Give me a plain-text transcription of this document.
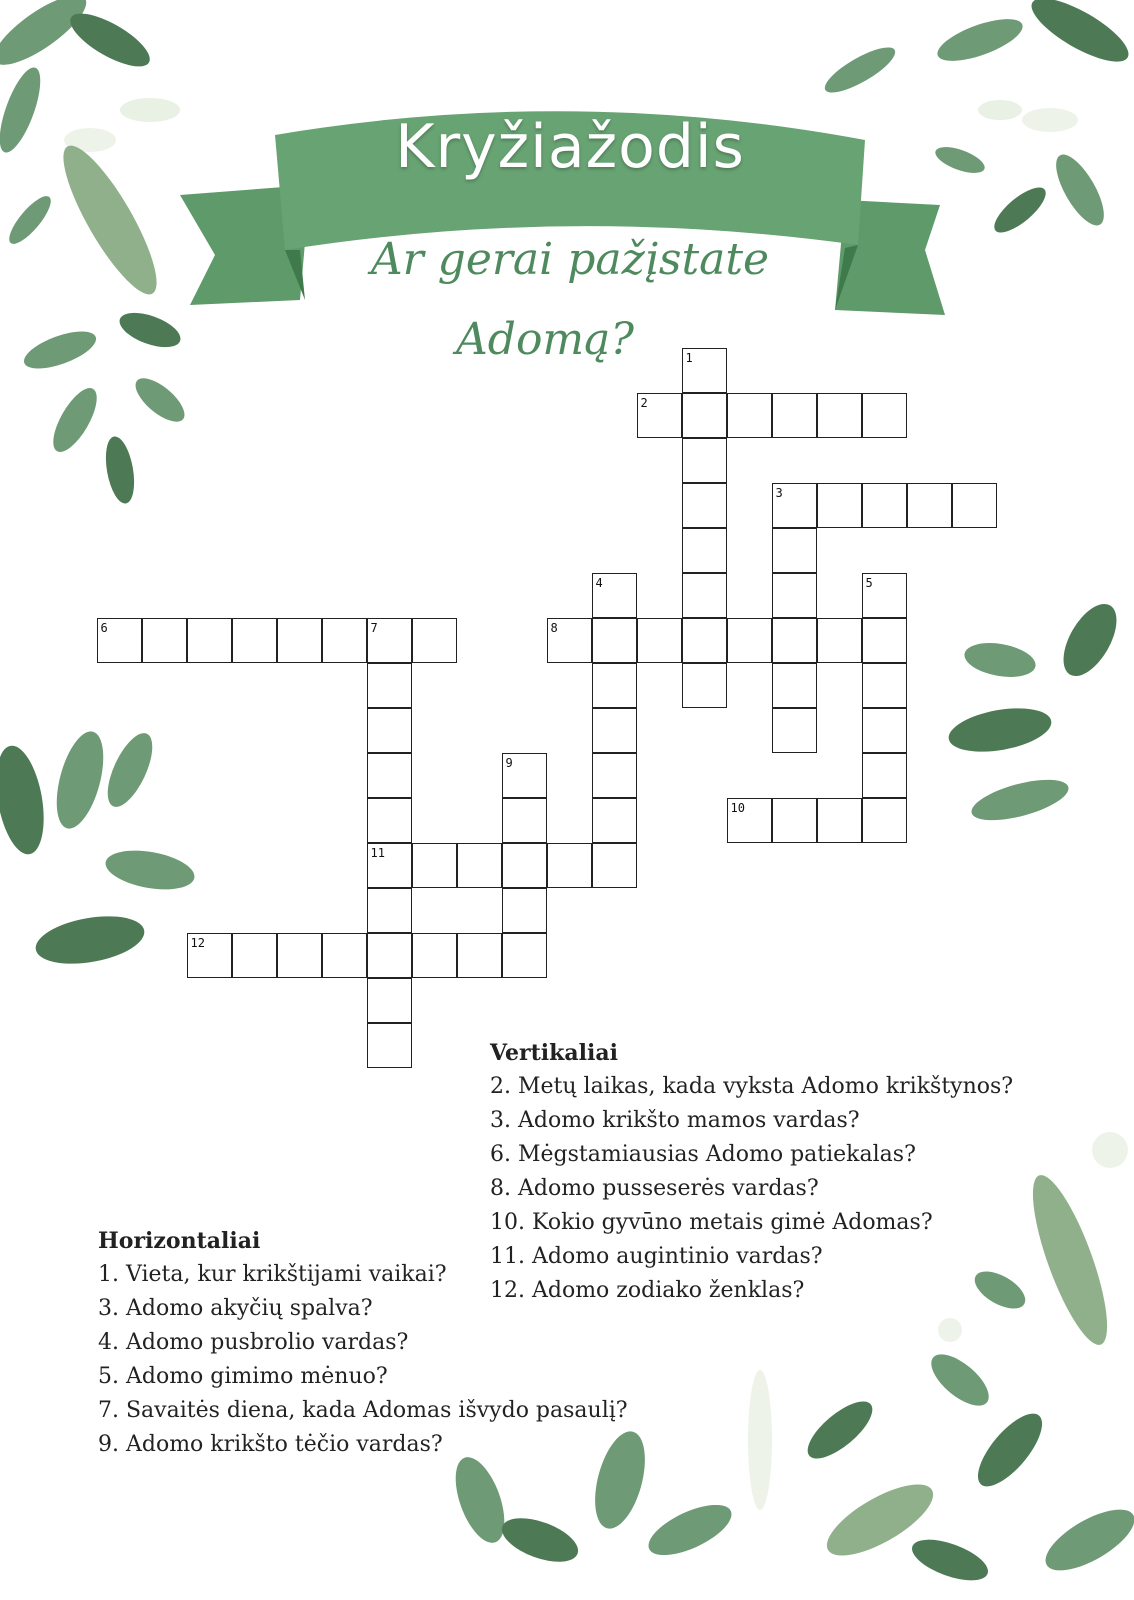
Kryžiažodis
Ar gerai pažįstate
Adomą?	1
2
3
4	5
6	7
11
8
9
10
12
Vertikaliai
2. Metų laikas, kada vyksta Adomo krikštynos?
3. Adomo krikšto mamos vardas?
6. Mėgstamiausias Adomo patiekalas?
8. Adomo pusseserės vardas?
10. Kokio gyvūno metais gimė Adomas?
11. Adomo augintinio vardas?
12. Adomo zodiako ženklas?
Horizontaliai
1. Vieta, kur krikštijami vaikai?
3. Adomo akyčių spalva?
4. Adomo pusbrolio vardas?
5. Adomo gimimo mėnuo?
7. Savaitės diena, kada Adomas išvydo pasaulį?
9. Adomo krikšto tėčio vardas?
